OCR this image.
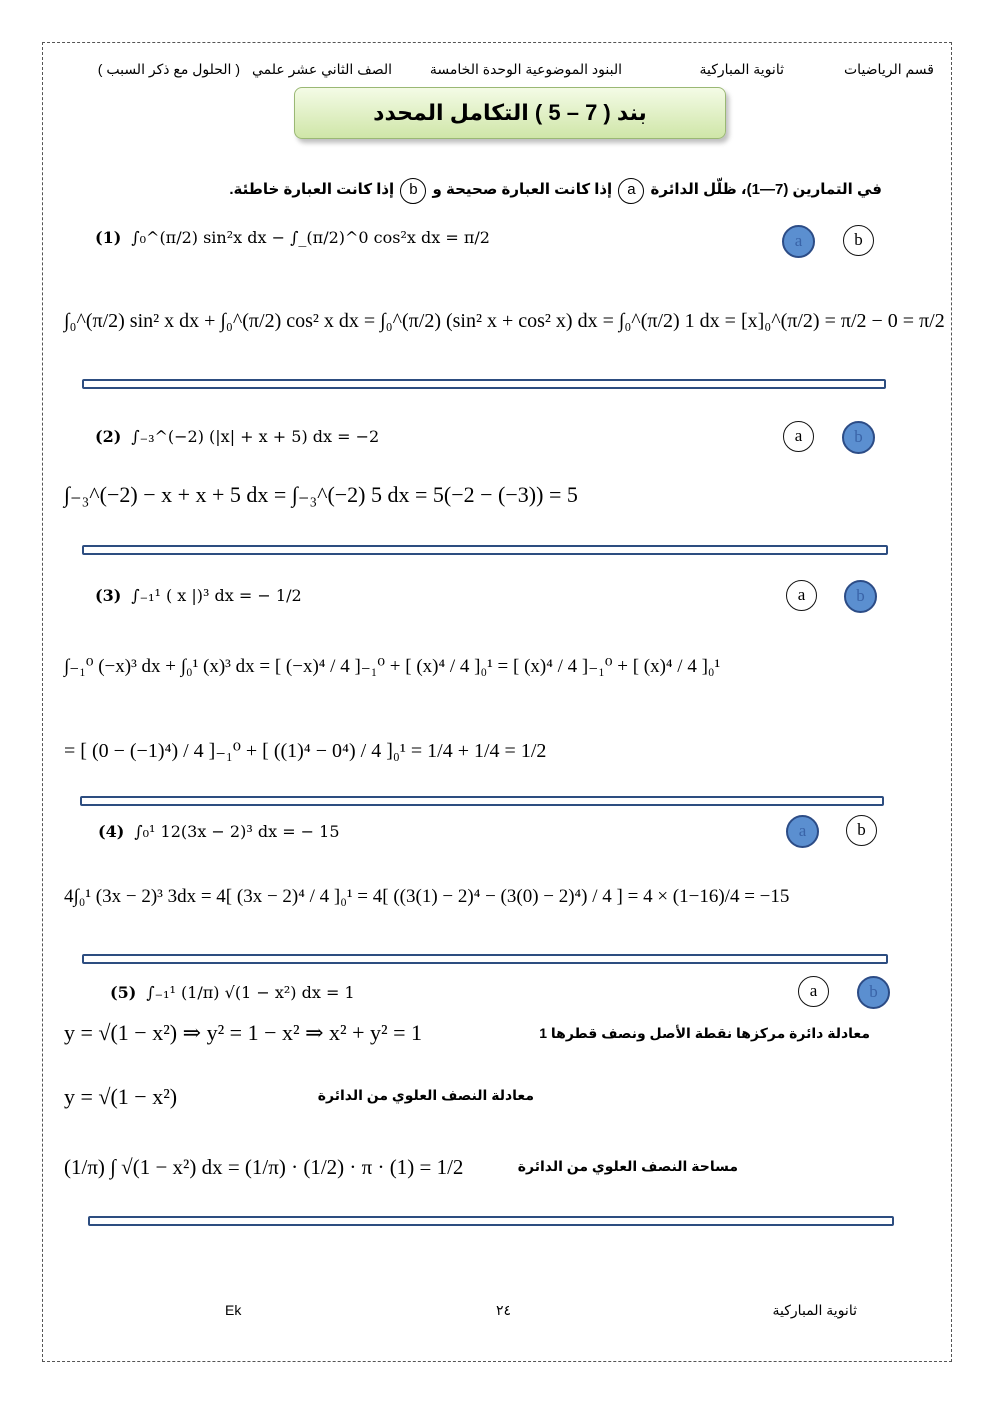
قسم الرياضيات
ثانوية المباركية
البنود الموضوعية الوحدة الخامسة
الصف الثاني عشر علمي
( الحلول مع ذكر السبب )
بند ( 7 – 5 ) التكامل المحدد
في التمارين (7—1)، ظلّل الدائرة a إذا كانت العبارة صحيحة و b إذا كانت العبارة خاطئة.
(1) ∫₀^(π/2) sin²x dx − ∫_(π/2)^0 cos²x dx = π/2	a	b
∫₀^(π/2) sin² x dx + ∫₀^(π/2) cos² x dx = ∫₀^(π/2) (sin² x + cos² x) dx = ∫₀^(π/2) 1 dx = [x]₀^(π/2) = π/2 − 0 = π/2
(2) ∫₋₃^(−2) (|x| + x + 5) dx = −2	a	b
∫₋₃^(−2) − x + x + 5 dx = ∫₋₃^(−2) 5 dx = 5(−2 − (−3)) = 5
(3) ∫₋₁¹ ( x |)³ dx = − 1/2	a	b
∫₋₁⁰ (−x)³ dx + ∫₀¹ (x)³ dx = [ (−x)⁴ / 4 ]₋₁⁰ + [ (x)⁴ / 4 ]₀¹ = [ (x)⁴ / 4 ]₋₁⁰ + [ (x)⁴ / 4 ]₀¹
= [ (0 − (−1)⁴) / 4 ]₋₁⁰ + [ ((1)⁴ − 0⁴) / 4 ]₀¹ = 1/4 + 1/4 = 1/2
(4) ∫₀¹ 12(3x − 2)³ dx = − 15	a	b
4∫₀¹ (3x − 2)³ 3dx = 4[ (3x − 2)⁴ / 4 ]₀¹ = 4[ ((3(1) − 2)⁴ − (3(0) − 2)⁴) / 4 ] = 4 × (1−16)/4 = −15
(5) ∫₋₁¹ (1/π) √(1 − x²) dx = 1	a	b
y = √(1 − x²) ⇒ y² = 1 − x² ⇒ x² + y² = 1	معادلة دائرة مركزها نقطة الأصل ونصف قطرها 1
y = √(1 − x²)	معادلة النصف العلوي من الدائرة
(1/π) ∫ √(1 − x²) dx = (1/π) · (1/2) · π · (1) = 1/2	مساحة النصف العلوي من الدائرة
ثانوية المباركية
٢٤
Ek
